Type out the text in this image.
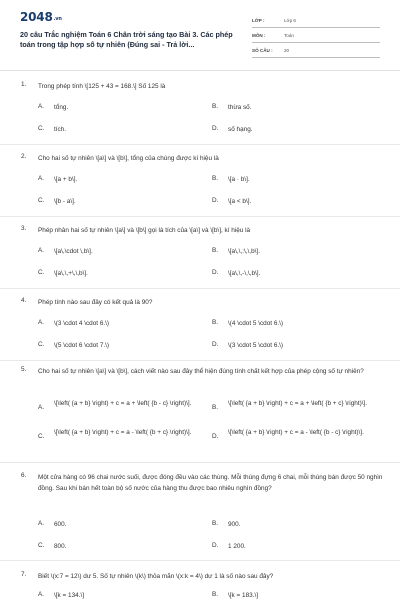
2048.vn
20 câu Trắc nghiệm Toán 6 Chân trời sáng tạo Bài 3. Các phép toán trong tập hợp số tự nhiên (Đúng sai - Trả lời...
LỚP :	Lớp 6
MÔN :	Toán
SỐ CÂU : 20
1. Trong phép tính \[125 + 43 = 168.\] Số 125 là
A. tổng.	B. thừa số.
C. tích.	D. số hạng.
2. Cho hai số tự nhiên \[a\] và \[b\], tổng của chúng được kí hiệu là
A. \[a + b\].	B. \[a · b\].
C. \[b - a\].	D. \[a < b\].
3. Phép nhân hai số tự nhiên \[a\] và \[b\] gọi là tích của \[a\] và \[b\], kí hiệu là
A. \[a\,\cdot \,b\].	B. \[a\,\,:\,\,b\].
C. \[a\,\,+\,\,b\].	D. \[a\,\,-\,\,b\].
4. Phép tính nào sau đây có kết quả là 90?
A. \(3 \cdot 4 \cdot 6.\)	B. \(4 \cdot 5 \cdot 6.\)
C. \(5 \cdot 6 \cdot 7.\)	D. \(3 \cdot 5 \cdot 6.\)
5. Cho hai số tự nhiên \[a\] và \[b\], cách viết nào sau đây thể hiện đúng tính chất kết hợp của phép cộng số tự nhiên?
A.
\[\left( {a + b} \right) + c = a + \left( {b - c} \right)\].
B.
\[\left( {a + b} \right) + c = a + \left( {b + c} \right)\].
C.
\[\left( {a + b} \right) + c = a - \left( {b + c} \right)\].
D.
\[\left( {a + b} \right) + c = a - \left( {b - c} \right)\].
6. Một cửa hàng có 96 chai nước suối, được đóng đều vào các thùng. Mỗi thùng đựng 6 chai, mỗi thùng bán được 50 nghìn đồng. Sau khi bán hết toàn bộ số nước của hàng thu được bao nhiêu nghìn đồng?
A. 600.	B. 900.
C. 800.	D. 1 200.
7. Biết \(x:7 = 12\) dư 5. Số tự nhiên \(k\) thỏa mãn \(x:k = 4\) dư 1 là số nào sau đây?
A. \[k = 134.\]	B. \[k = 183.\]
